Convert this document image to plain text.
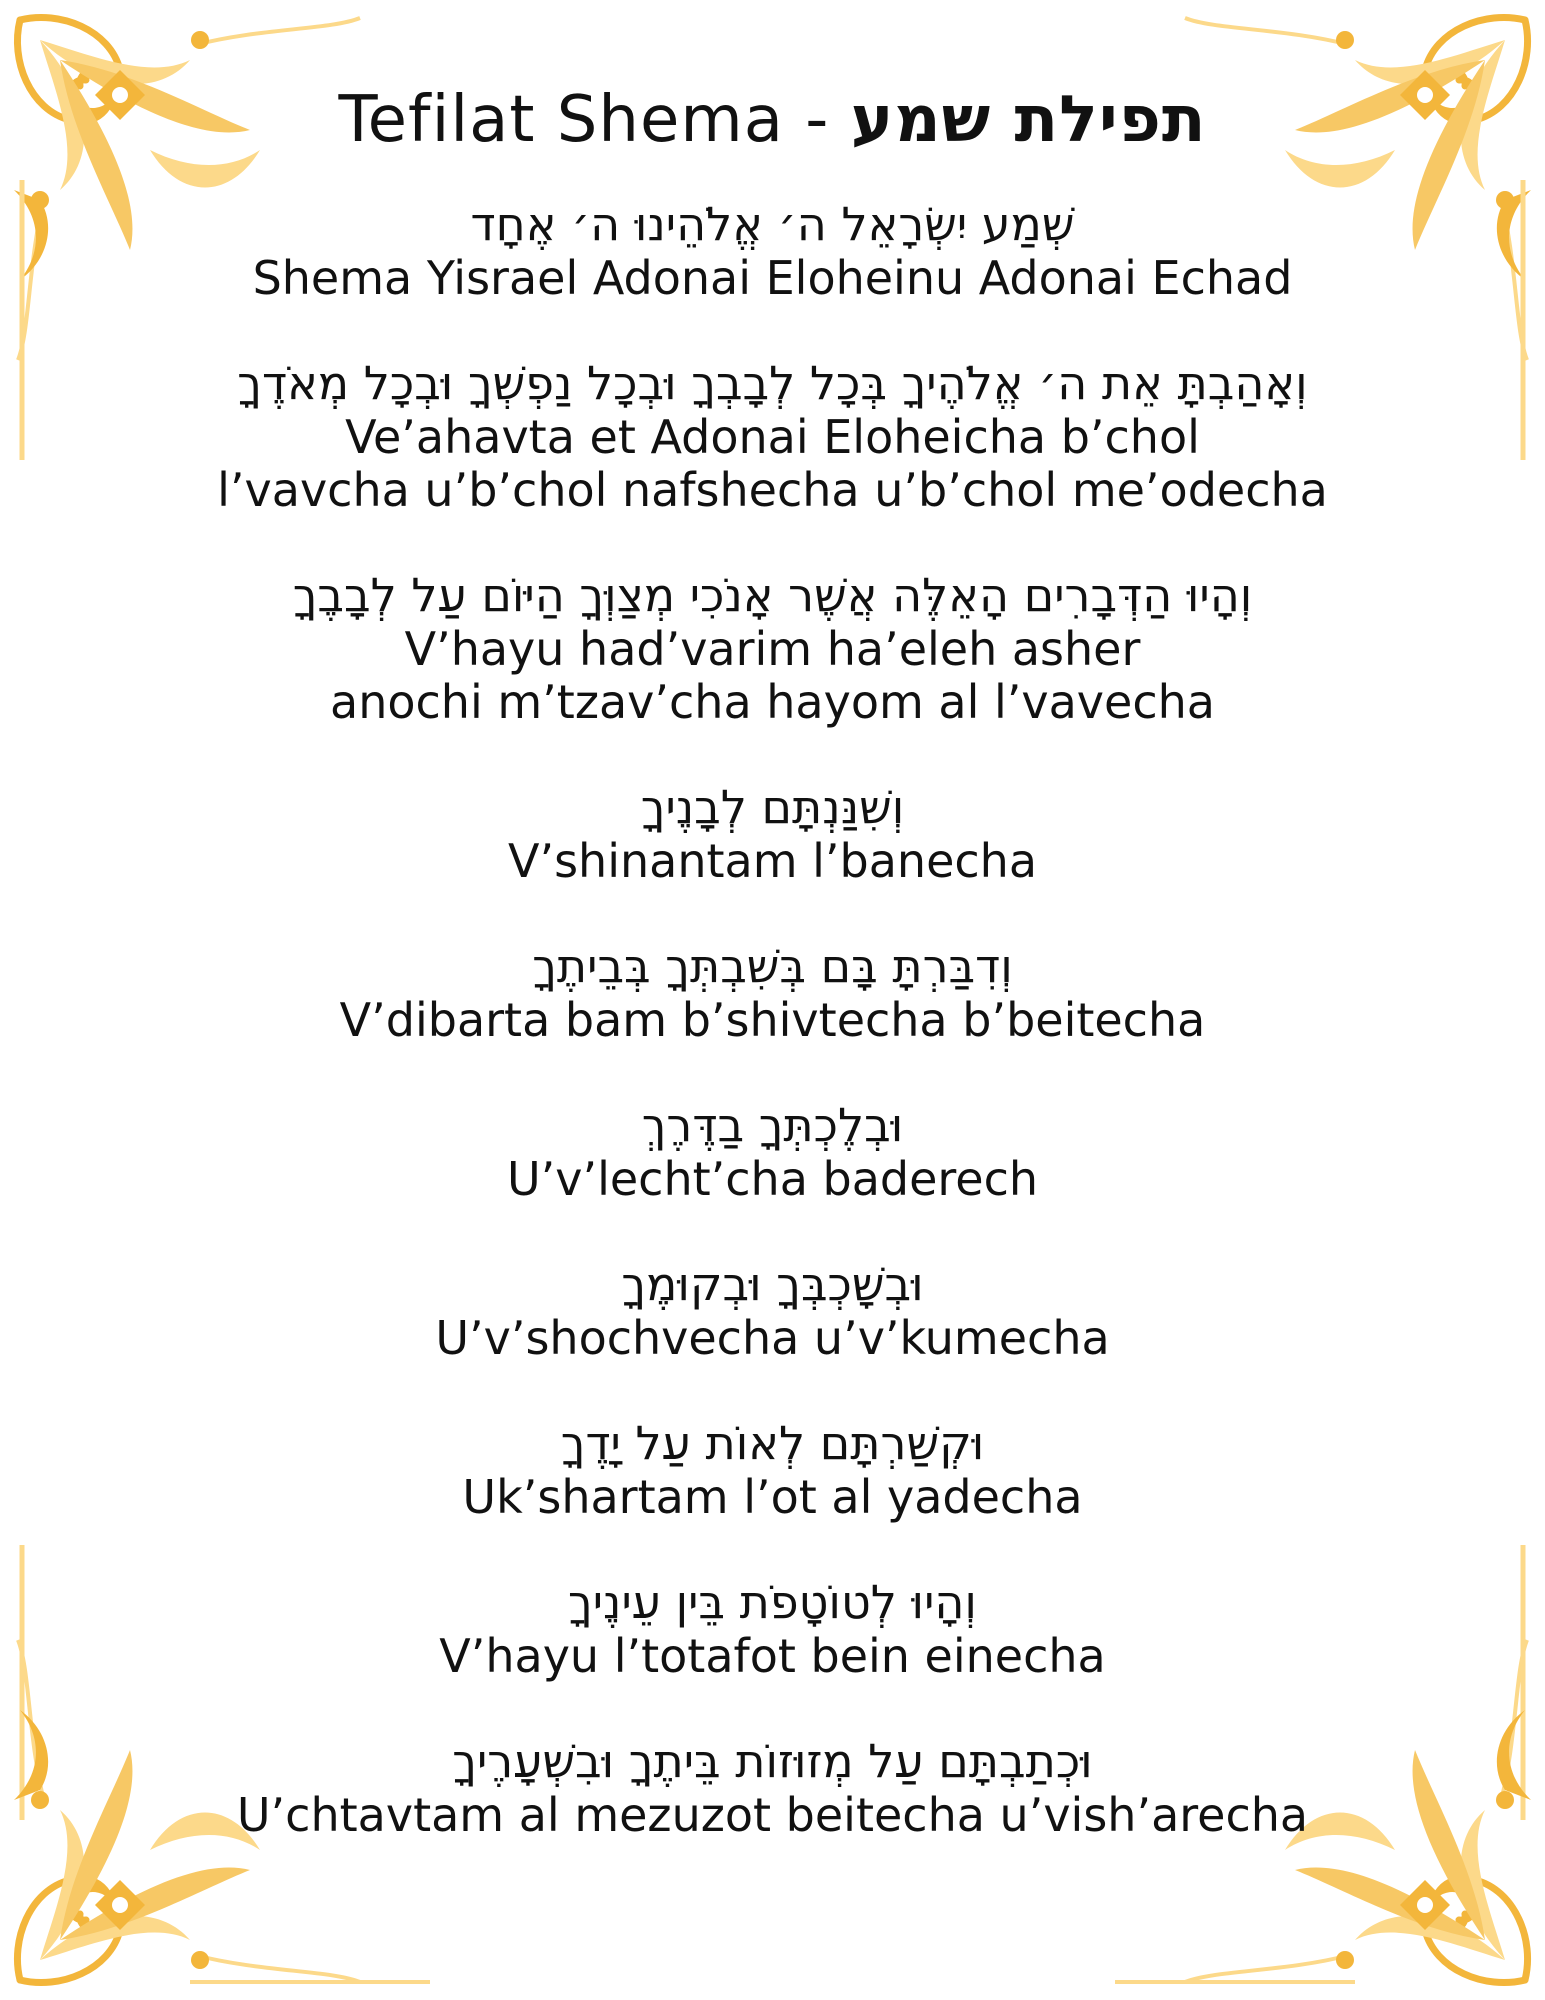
Tefilat Shema - תפילת שמע
שְׁמַע יִשְׂרָאֵל ה׳ אֱלֹהֵינוּ ה׳ אֶחָד
Shema Yisrael Adonai Eloheinu Adonai Echad
וְאָהַבְתָּ אֵת ה׳ אֱלֹהֶיךָ בְּכָל לְבָבְךָ וּבְכָל נַפְשְׁךָ וּבְכָל מְאֹדֶךָ
Ve’ahavta et Adonai Eloheicha b’chol
l’vavcha u’b’chol nafshecha u’b’chol me’odecha
וְהָיוּ הַדְּבָרִים הָאֵלֶּה אֲשֶׁר אָנֹכִי מְצַוְּךָ הַיּוֹם עַל לְבָבֶךָ
V’hayu had’varim ha’eleh asher
anochi m’tzav’cha hayom al l’vavecha
וְשִׁנַּנְתָּם לְבָנֶיךָ
V’shinantam l’banecha
וְדִבַּרְתָּ בָּם בְּשִׁבְתְּךָ בְּבֵיתֶךָ
V’dibarta bam b’shivtecha b’beitecha
וּבְלֶכְתְּךָ בַדֶּרֶךְ
U’v’lecht’cha baderech
וּבְשָׁכְבְּךָ וּבְקוּמֶךָ
U’v’shochvecha u’v’kumecha
וּקְשַׁרְתָּם לְאוֹת עַל יָדֶךָ
Uk’shartam l’ot al yadecha
וְהָיוּ לְטוֹטָפֹת בֵּין עֵינֶיךָ
V’hayu l’totafot bein einecha
וּכְתַבְתָּם עַל מְזוּזוֹת בֵּיתֶךָ וּבִשְׁעָרֶיךָ
U’chtavtam al mezuzot beitecha u’vish’arecha
